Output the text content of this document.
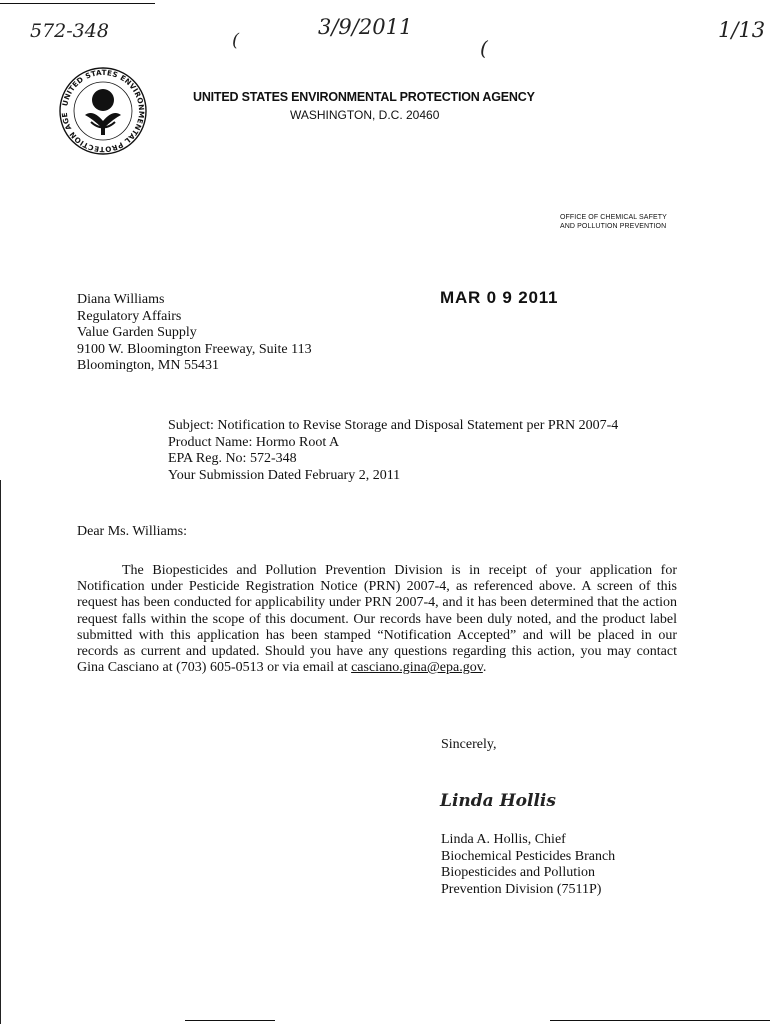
572-348	3/9/2011	1/13
(	(
UNITED STATES ENVIRONMENTAL PROTECTION AGE
UNITED STATES ENVIRONMENTAL PROTECTION AGENCY
WASHINGTON, D.C. 20460
OFFICE OF CHEMICAL SAFETY
AND POLLUTION PREVENTION
MAR 0 9 2011
Diana Williams
Regulatory Affairs
Value Garden Supply
9100 W. Bloomington Freeway, Suite 113
Bloomington, MN 55431
Subject: Notification to Revise Storage and Disposal Statement per PRN 2007-4
Product Name: Hormo Root A
EPA Reg. No: 572-348
Your Submission Dated February 2, 2011
Dear Ms. Williams:
The Biopesticides and Pollution Prevention Division is in receipt of your application for Notification under Pesticide Registration Notice (PRN) 2007-4, as referenced above. A screen of this request has been conducted for applicability under PRN 2007-4, and it has been determined that the action request falls within the scope of this document. Our records have been duly noted, and the product label submitted with this application has been stamped “Notification Accepted” and will be placed in our records as current and updated. Should you have any questions regarding this action, you may contact Gina Casciano at (703) 605-0513 or via email at casciano.gina@epa.gov.
Sincerely,
Linda Hollis
Linda A. Hollis, Chief
Biochemical Pesticides Branch
Biopesticides and Pollution
Prevention Division (7511P)
